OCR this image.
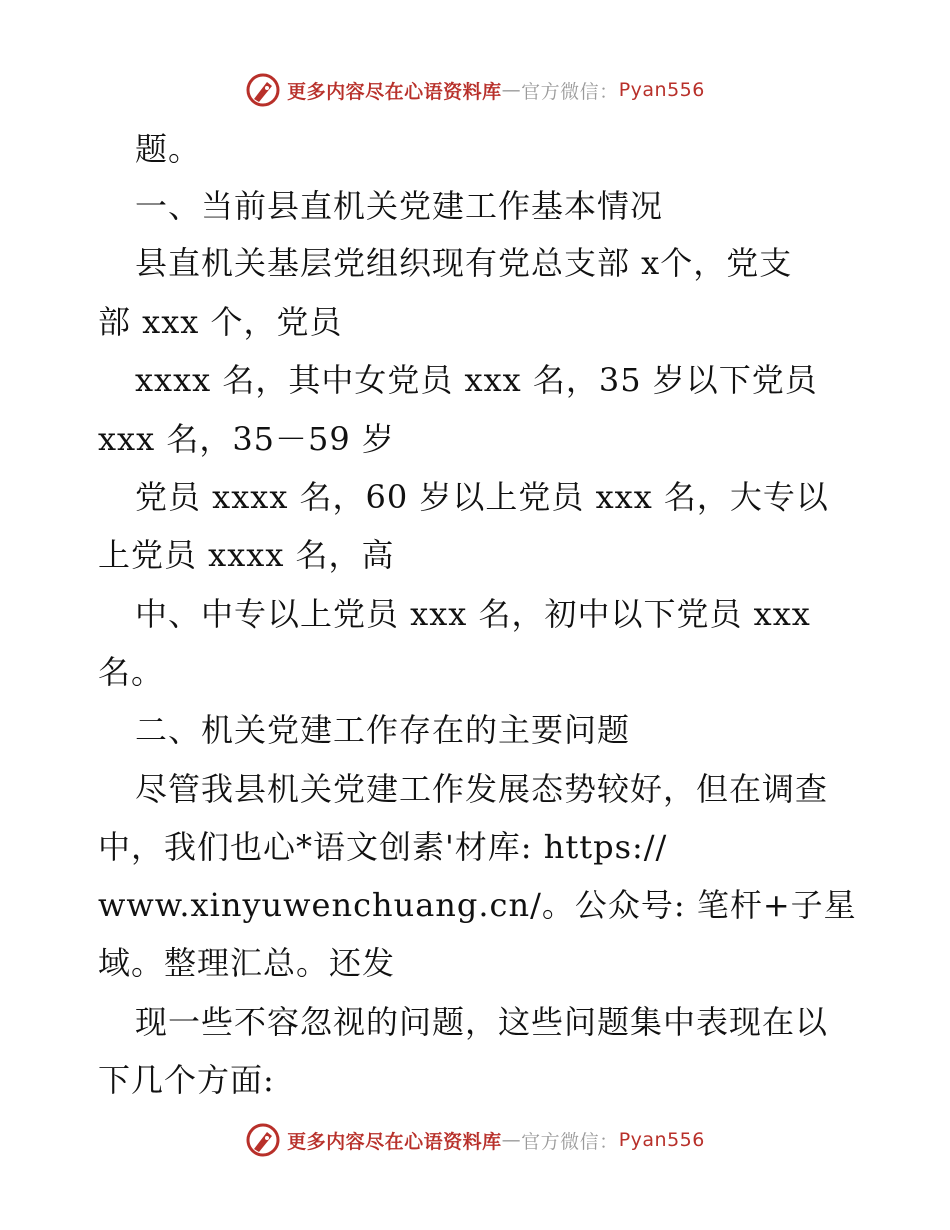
更多内容尽在心语资料库 — 官方微信： Pyan556
题。
一、当前县直机关党建工作基本情况
县直机关基层党组织现有党总支部 x个，党支
部 xxx 个，党员
xxxx 名，其中女党员 xxx 名，35 岁以下党员
xxx 名，35－59 岁
党员 xxxx 名，60 岁以上党员 xxx 名，大专以
上党员 xxxx 名，高
中、中专以上党员 xxx 名，初中以下党员 xxx
名。
二、机关党建工作存在的主要问题
尽管我县机关党建工作发展态势较好，但在调查
中，我们也心*语文创素'材库: https://
www.xinyuwenchuang.cn/。公众号: 笔杆+子星
域。整理汇总。还发
现一些不容忽视的问题，这些问题集中表现在以
下几个方面:
更多内容尽在心语资料库 — 官方微信： Pyan556
